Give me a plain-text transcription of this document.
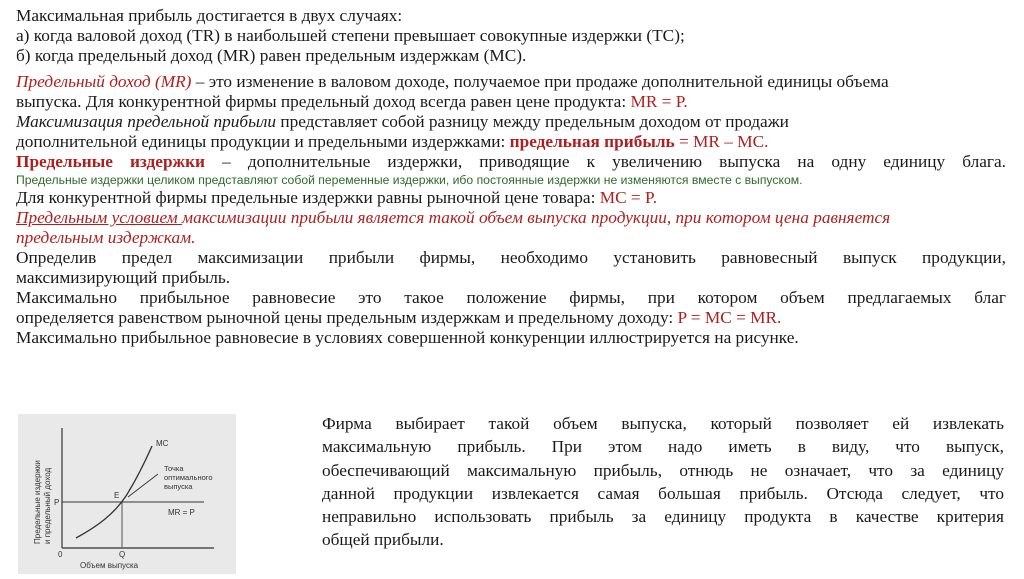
Максимальная прибыль достигается в двух случаях:
а) когда валовой доход (TR) в наибольшей степени превышает совокупные издержки (TC);
б) когда предельный доход (MR) равен предельным издержкам (MC).
Предельный доход (MR) – это изменение в валовом доходе, получаемое при продаже дополнительной единицы объема
выпуска. Для конкурентной фирмы предельный доход всегда равен цене продукта: MR = P.
Максимизация предельной прибыли представляет собой разницу между предельным доходом от продажи
дополнительной единицы продукции и предельными издержками: предельная прибыль = MR – MC.
Предельные издержки – дополнительные издержки, приводящие к увеличению выпуска на одну единицу блага.
Предельные издержки целиком представляют собой переменные издержки, ибо постоянные издержки не изменяются вместе с выпуском.
Для конкурентной фирмы предельные издержки равны рыночной цене товара: MC = P.
Предельным условием максимизации прибыли является такой объем выпуска продукции, при котором цена равняется
предельным издержкам.
Определив предел максимизации прибыли фирмы, необходимо установить равновесный выпуск продукции,
максимизирующий прибыль.
Максимально прибыльное равновесие это такое положение фирмы, при котором объем предлагаемых благ
определяется равенством рыночной цены предельным издержкам и предельному доходу: P = MC = MR.
Максимально прибыльное равновесие в условиях совершенной конкуренции иллюстрируется на рисунке.
Предельные издержки и предельный доход P
0	Q
Объем выпуска
MC
E
Точка
оптимального
выпуска
MR = P
Фирма выбирает такой объем выпуска, который позволяет ей извлекать
максимальную прибыль. При этом надо иметь в виду, что выпуск,
обеспечивающий максимальную прибыль, отнюдь не означает, что за единицу
данной продукции извлекается самая большая прибыль. Отсюда следует, что
неправильно использовать прибыль за единицу продукта в качестве критерия
общей прибыли.
